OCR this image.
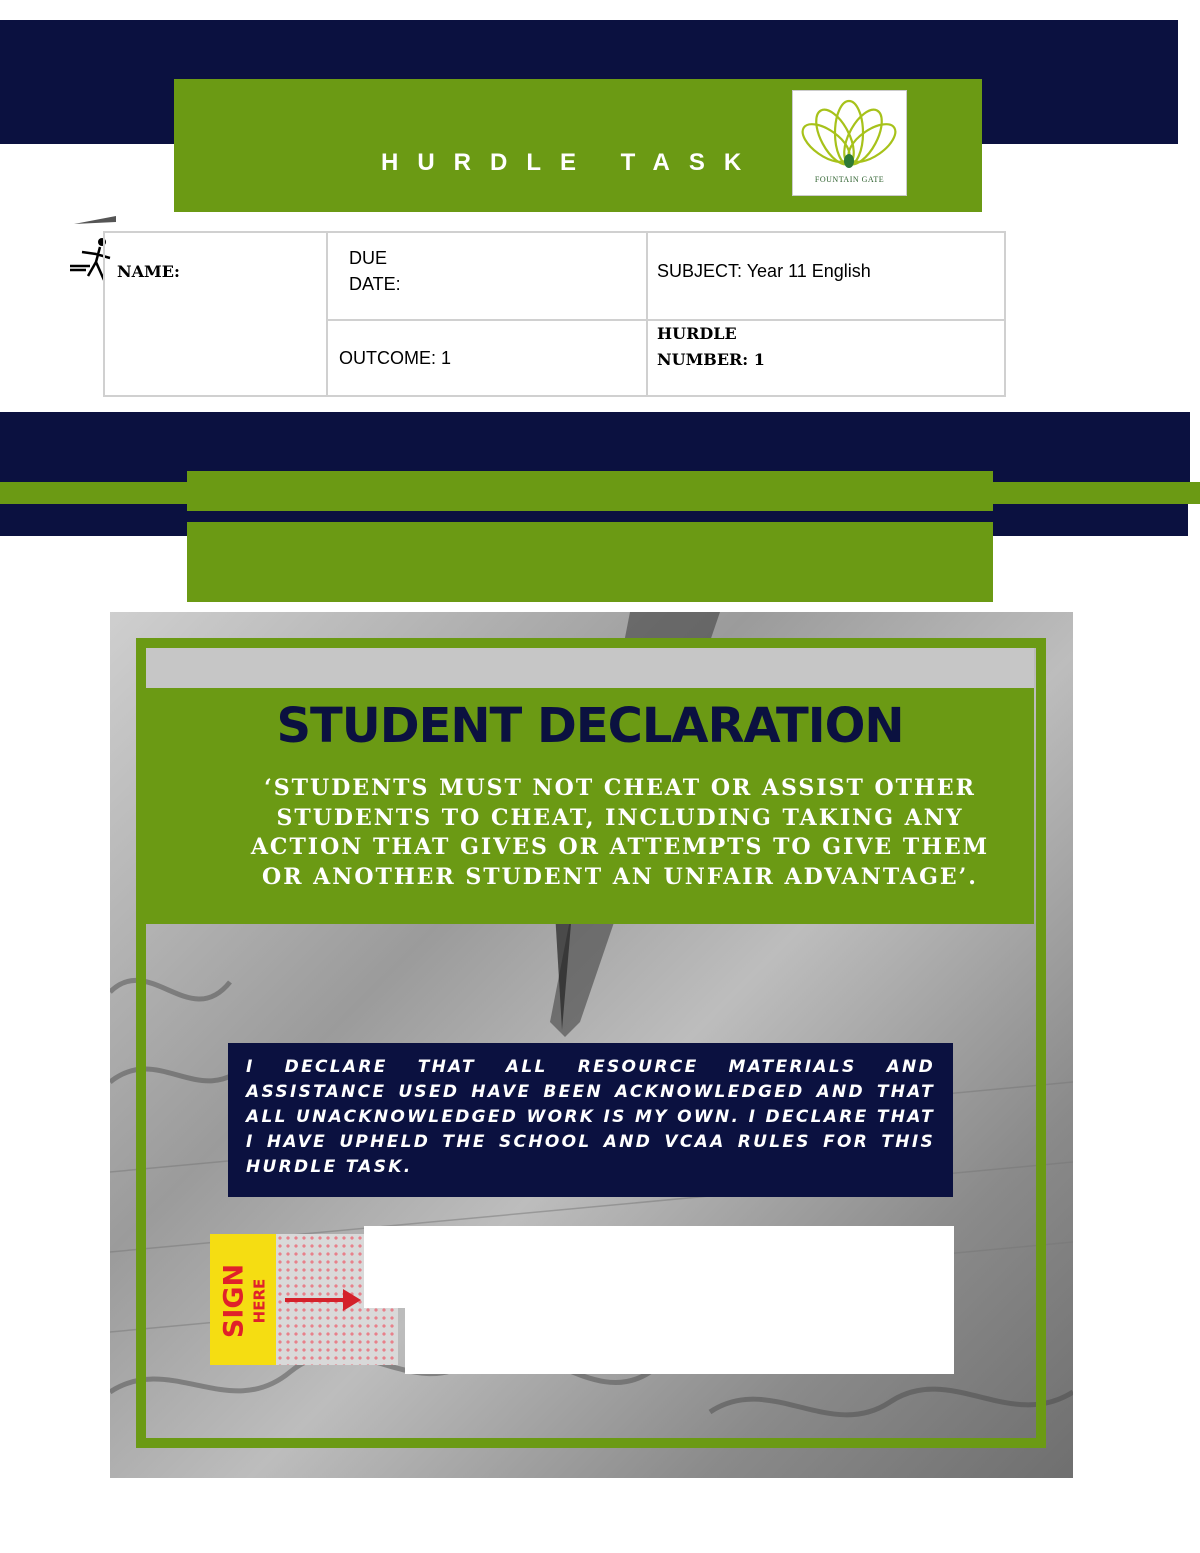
HURDLE TASK
FOUNTAIN GATE
NAME:
DUE
DATE:
SUBJECT: Year 11 English
OUTCOME: 1
HURDLE
NUMBER: 1
STUDENT DECLARATION
‘STUDENTS MUST NOT CHEAT OR ASSIST OTHER STUDENTS TO CHEAT, INCLUDING TAKING ANY ACTION THAT GIVES OR ATTEMPTS TO GIVE THEM OR ANOTHER STUDENT AN UNFAIR ADVANTAGE’.
I DECLARE THAT ALL RESOURCE MATERIALS AND ASSISTANCE USED HAVE BEEN ACKNOWLEDGED AND THAT ALL UNACKNOWLEDGED WORK IS MY OWN. I DECLARE THAT I HAVE UPHELD THE SCHOOL AND VCAA RULES FOR THIS HURDLE TASK.
SIGN
HERE
